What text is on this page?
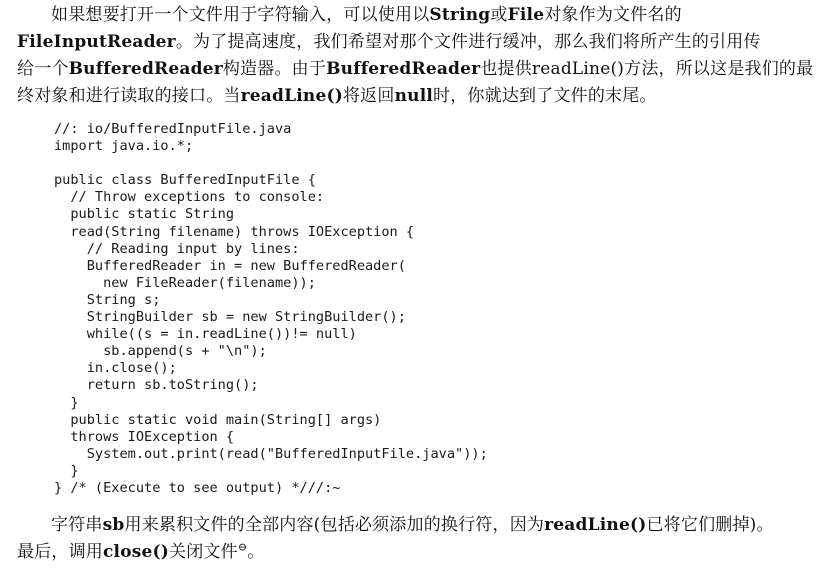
如果想要打开一个文件用于字符输入，可以使用以String或File对象作为文件名的
FileInputReader。为了提高速度，我们希望对那个文件进行缓冲，那么我们将所产生的引用传
给一个BufferedReader构造器。由于BufferedReader也提供readLine()方法，所以这是我们的最
终对象和进行读取的接口。当readLine()将返回null时，你就达到了文件的末尾。
//: io/BufferedInputFile.java
import java.io.*;

public class BufferedInputFile {
// Throw exceptions to console:
public static String
read(String filename) throws IOException {
// Reading input by lines:
BufferedReader in = new BufferedReader(
new FileReader(filename));
String s;
StringBuilder sb = new StringBuilder();
while((s = in.readLine())!= null)
sb.append(s + "\n");
in.close();
return sb.toString();
}
public static void main(String[] args)
throws IOException {
System.out.print(read("BufferedInputFile.java"));
}
} /* (Execute to see output) *///:~

字符串sb用来累积文件的全部内容(包括必须添加的换行符，因为readLine()已将它们删掉)。
最后，调用close()关闭文件⊖。
